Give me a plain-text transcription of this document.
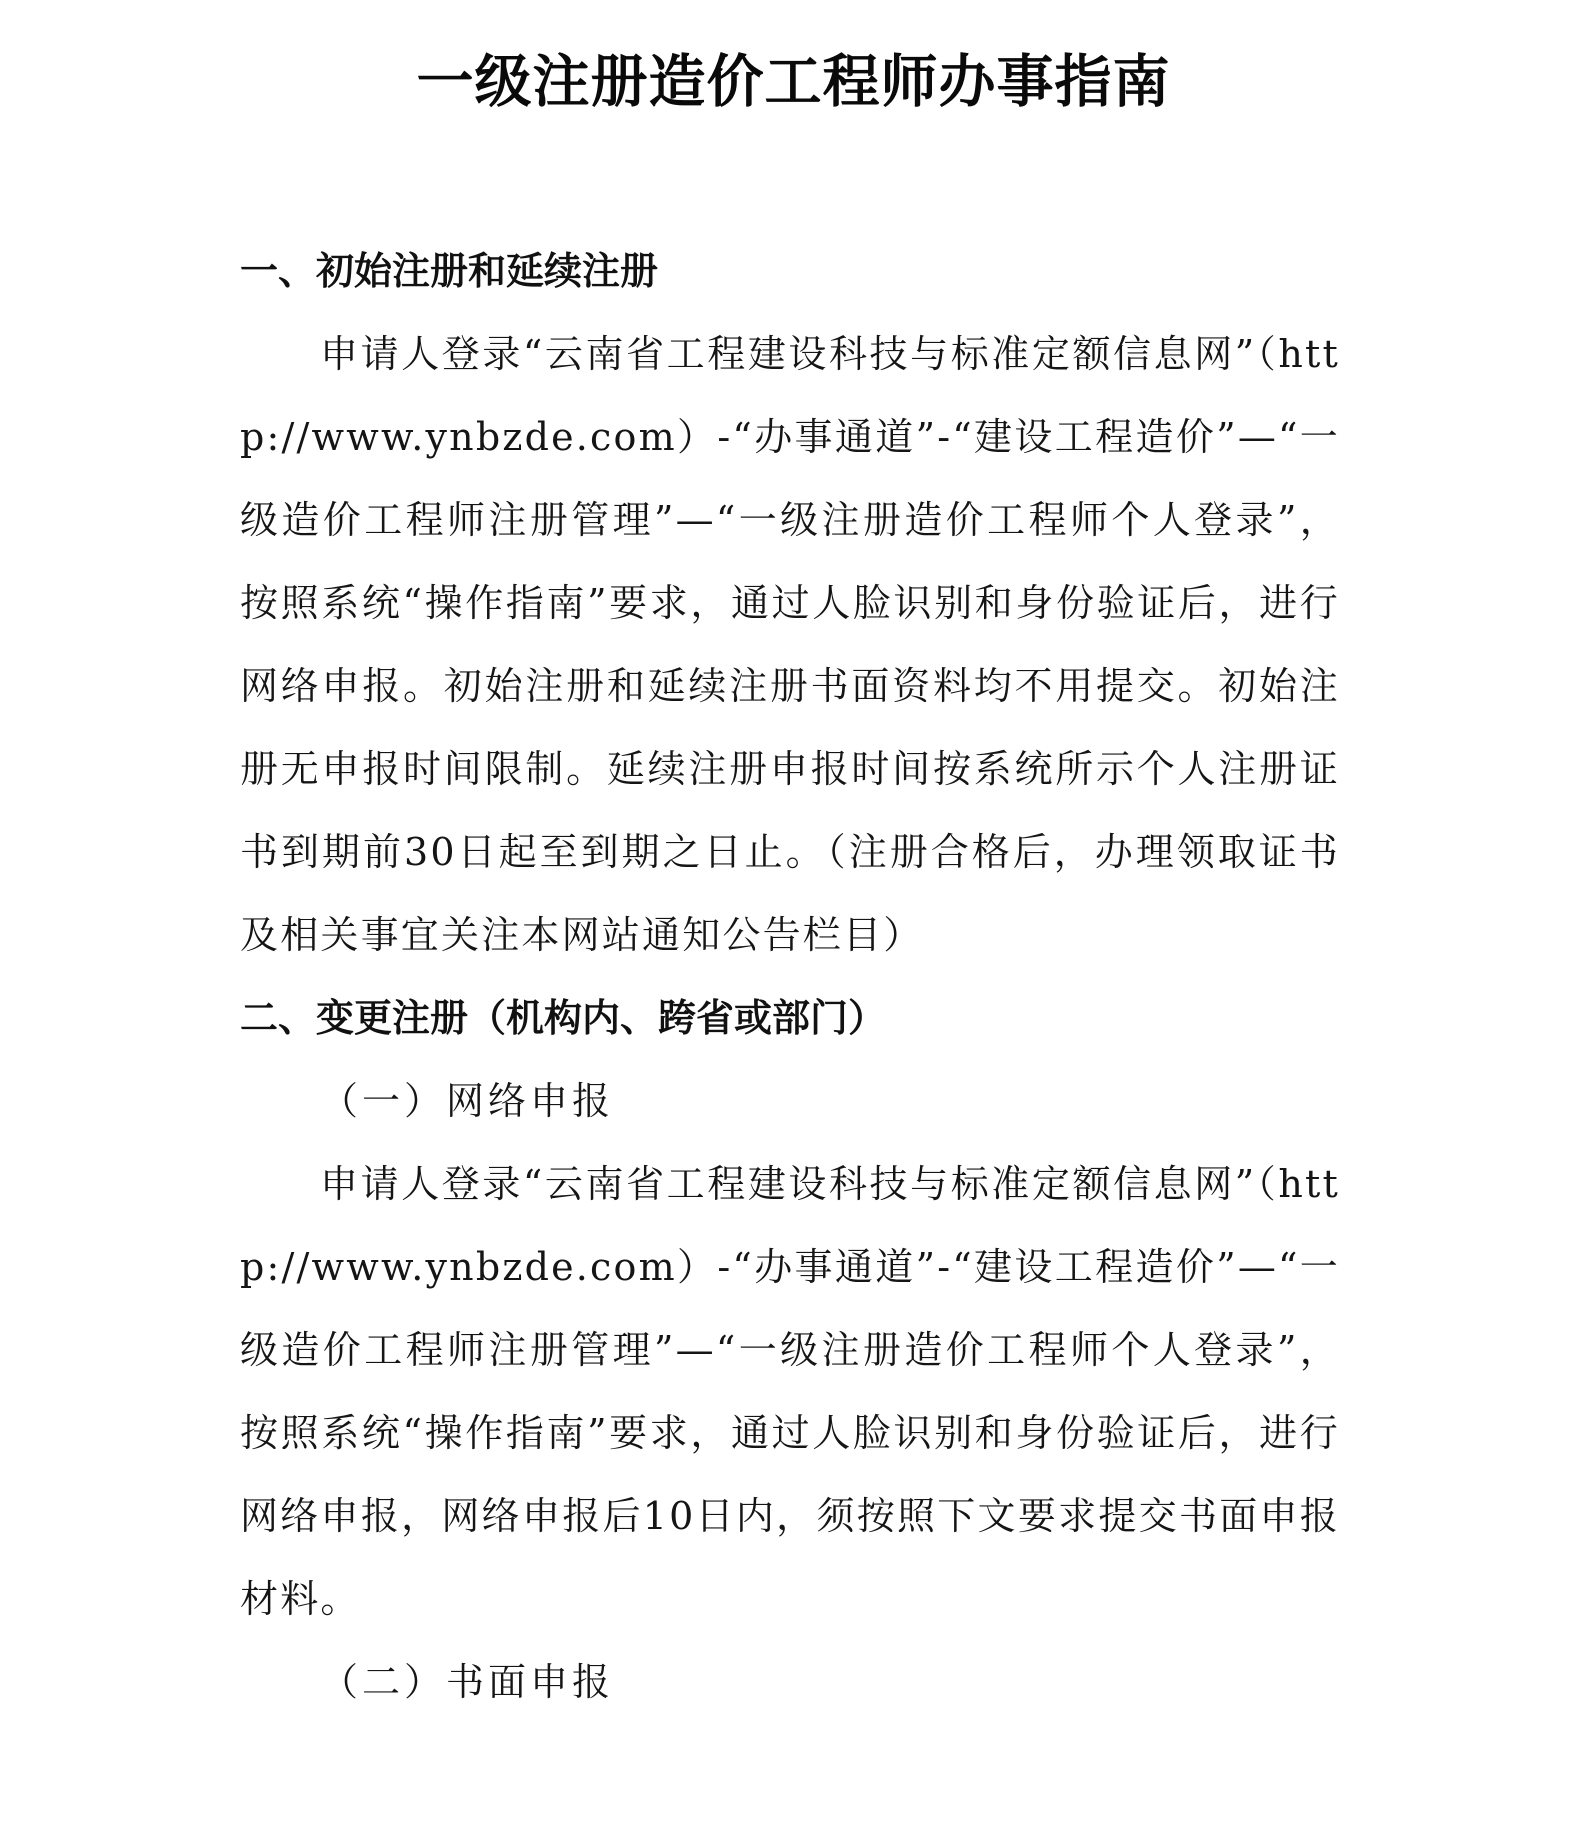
一级注册造价工程师办事指南
一、初始注册和延续注册
申请人登录“云南省工程建设科技与标准定额信息网”（http://www.ynbzde.com）-“办事通道”-“建设工程造价”—“一级造价工程师注册管理”—“一级注册造价工程师个人登录”，按照系统“操作指南”要求，通过人脸识别和身份验证后，进行网络申报。初始注册和延续注册书面资料均不用提交。初始注册无申报时间限制。延续注册申报时间按系统所示个人注册证书到期前30日起至到期之日止。（注册合格后，办理领取证书及相关事宜关注本网站通知公告栏目）
二、变更注册（机构内、跨省或部门）
（一）网络申报
申请人登录“云南省工程建设科技与标准定额信息网”（http://www.ynbzde.com）-“办事通道”-“建设工程造价”—“一级造价工程师注册管理”—“一级注册造价工程师个人登录”，按照系统“操作指南”要求，通过人脸识别和身份验证后，进行网络申报，网络申报后10日内，须按照下文要求提交书面申报材料。
（二）书面申报
